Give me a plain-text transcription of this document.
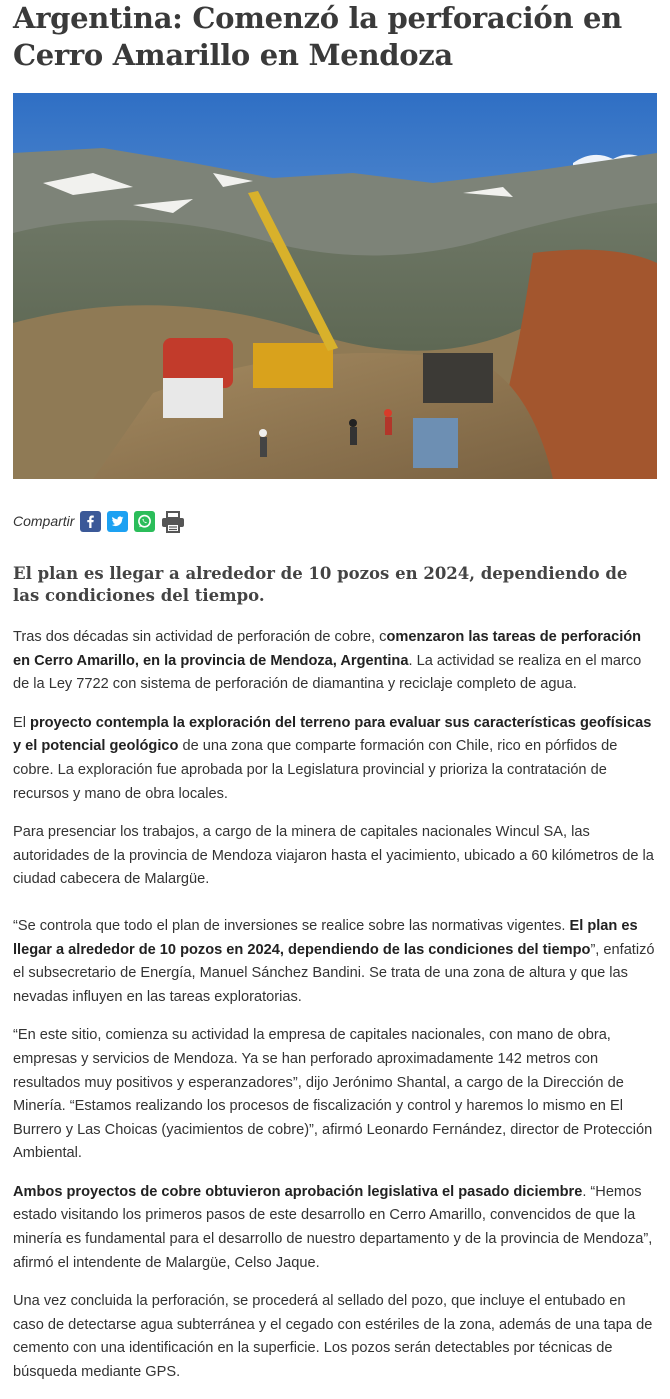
Argentina: Comenzó la perforación en
Cerro Amarillo en Mendoza
Compartir
El plan es llegar a alrededor de 10 pozos en 2024, dependiendo de las condiciones del tiempo.

Tras dos décadas sin actividad de perforación de cobre, comenzaron las tareas de perforación en Cerro Amarillo, en la provincia de Mendoza, Argentina. La actividad se realiza en el marco de la Ley 7722 con sistema de perforación de diamantina y reciclaje completo de agua.

El proyecto contempla la exploración del terreno para evaluar sus características geofísicas y el potencial geológico de una zona que comparte formación con Chile, rico en pórfidos de cobre. La exploración fue aprobada por la Legislatura provincial y prioriza la contratación de recursos y mano de obra locales.

Para presenciar los trabajos, a cargo de la minera de capitales nacionales Wincul SA, las autoridades de la provincia de Mendoza viajaron hasta el yacimiento, ubicado a 60 kilómetros de la ciudad cabecera de Malargüe.

“Se controla que todo el plan de inversiones se realice sobre las normativas vigentes. El plan es llegar a alrededor de 10 pozos en 2024, dependiendo de las condiciones del tiempo”, enfatizó el subsecretario de Energía, Manuel Sánchez Bandini. Se trata de una zona de altura y que las nevadas influyen en las tareas exploratorias.

“En este sitio, comienza su actividad la empresa de capitales nacionales, con mano de obra, empresas y servicios de Mendoza. Ya se han perforado aproximadamente 142 metros con resultados muy positivos y esperanzadores”, dijo Jerónimo Shantal, a cargo de la Dirección de Minería. “Estamos realizando los procesos de fiscalización y control y haremos lo mismo en El Burrero y Las Choicas (yacimientos de cobre)”, afirmó Leonardo Fernández, director de Protección Ambiental.

Ambos proyectos de cobre obtuvieron aprobación legislativa el pasado diciembre. “Hemos estado visitando los primeros pasos de este desarrollo en Cerro Amarillo, convencidos de que la minería es fundamental para el desarrollo de nuestro departamento y de la provincia de Mendoza”, afirmó el intendente de Malargüe, Celso Jaque.

Una vez concluida la perforación, se procederá al sellado del pozo, que incluye el entubado en caso de detectarse agua subterránea y el cegado con estériles de la zona, además de una tapa de cemento con una identificación en la superficie. Los pozos serán detectables por técnicas de búsqueda mediante GPS.
